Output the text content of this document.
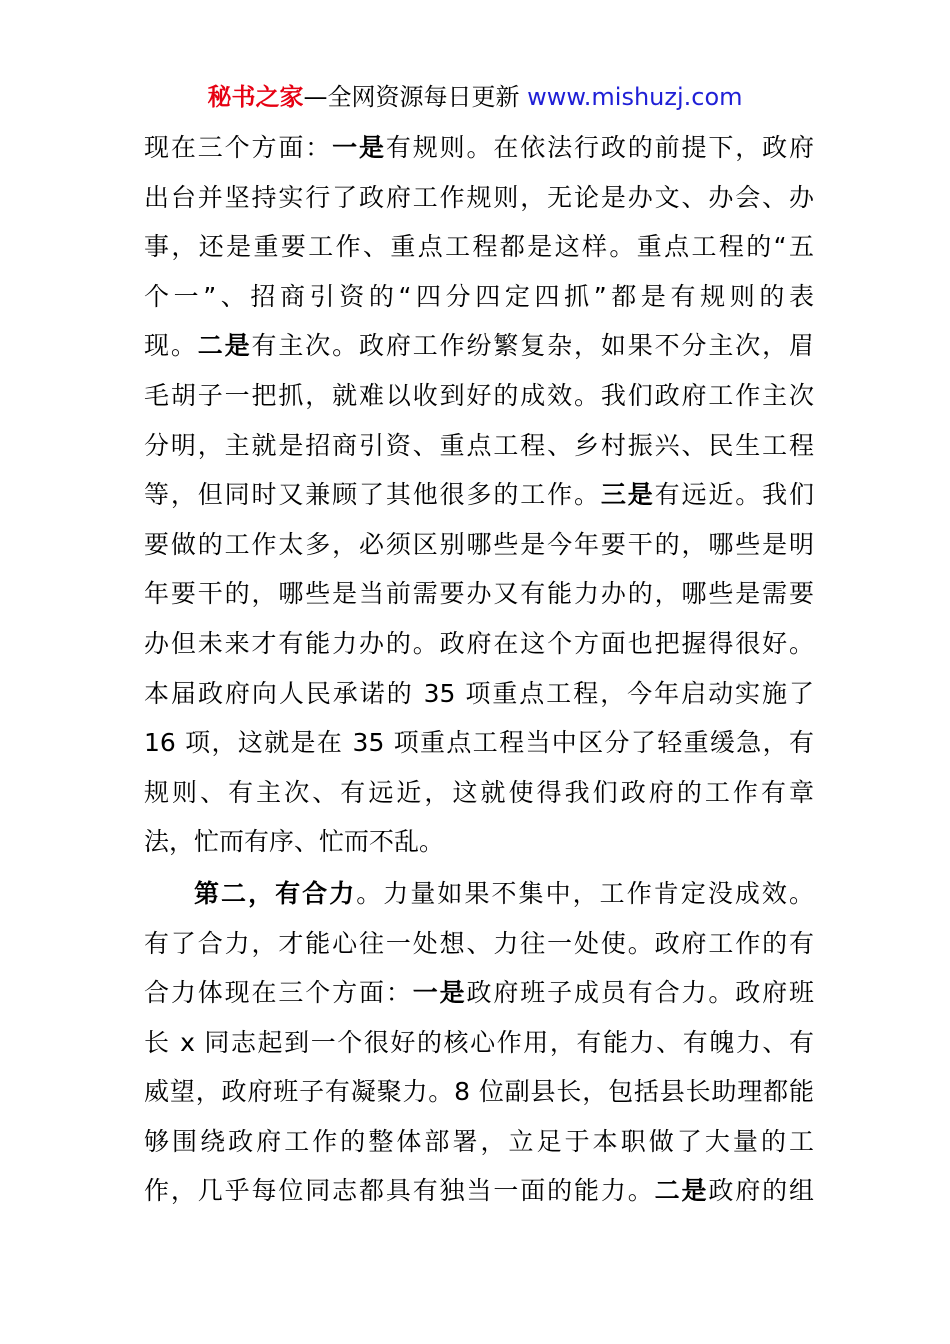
秘书之家—全网资源每日更新 www.mishuzj.com
现在三个方面：一是有规则。在依法行政的前提下，政府
出台并坚持实行了政府工作规则，无论是办文、办会、办
事，还是重要工作、重点工程都是这样。重点工程的“五
个一”、招商引资的“四分四定四抓”都是有规则的表
现。二是有主次。政府工作纷繁复杂，如果不分主次，眉
毛胡子一把抓，就难以收到好的成效。我们政府工作主次
分明，主就是招商引资、重点工程、乡村振兴、民生工程
等，但同时又兼顾了其他很多的工作。三是有远近。我们
要做的工作太多，必须区别哪些是今年要干的，哪些是明
年要干的，哪些是当前需要办又有能力办的，哪些是需要
办但未来才有能力办的。政府在这个方面也把握得很好。
本届政府向人民承诺的 35 项重点工程，今年启动实施了
16 项，这就是在 35 项重点工程当中区分了轻重缓急，有
规则、有主次、有远近，这就使得我们政府的工作有章
法，忙而有序、忙而不乱。
第二，有合力。力量如果不集中，工作肯定没成效。
有了合力，才能心往一处想、力往一处使。政府工作的有
合力体现在三个方面：一是政府班子成员有合力。政府班
长 x 同志起到一个很好的核心作用，有能力、有魄力、有
威望，政府班子有凝聚力。8 位副县长，包括县长助理都能
够围绕政府工作的整体部署，立足于本职做了大量的工
作，几乎每位同志都具有独当一面的能力。二是政府的组
